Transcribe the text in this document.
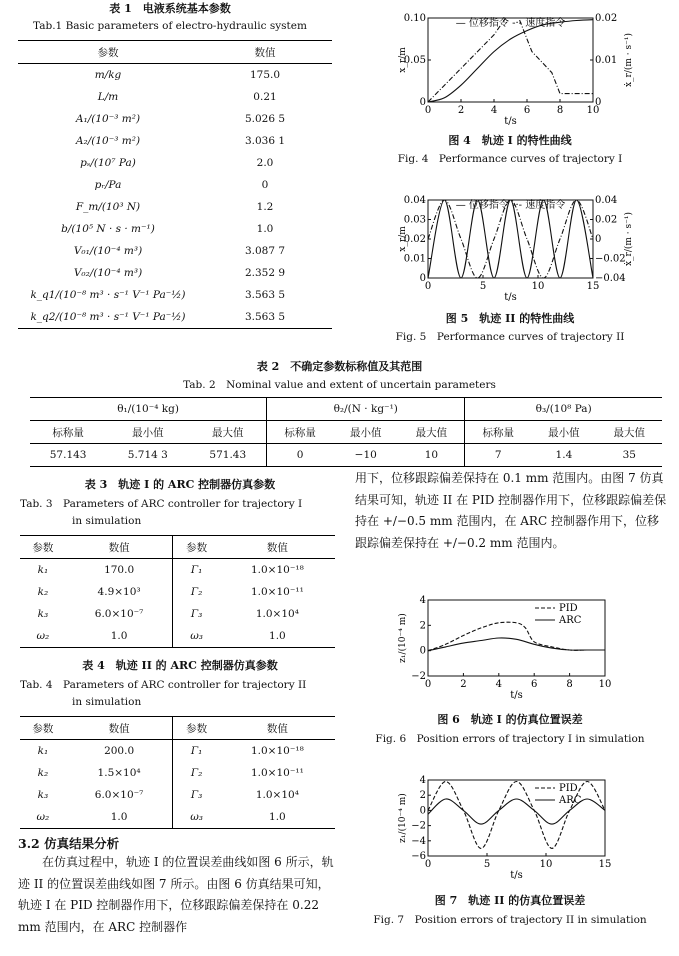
表 1　电液系统基本参数
Tab.1 Basic parameters of electro-hydraulic system
参数	数值
m/kg	175.0
L/m	0.21
A₁/(10⁻³ m²)	5.026 5
A₂/(10⁻³ m²)	3.036 1
pₛ/(10⁷ Pa)	2.0
pᵣ/Pa	0
F_m/(10³ N)	1.2
b/(10⁵ N · s · m⁻¹)	1.0
V₀₁/(10⁻⁴ m³)	3.087 7
V₀₂/(10⁻⁴ m³)	2.352 9
k_q1/(10⁻⁸ m³ · s⁻¹ V⁻¹ Pa⁻½)	3.563 5
k_q2/(10⁻⁸ m³ · s⁻¹ V⁻¹ Pa⁻½)	3.563 5
表 2　不确定参数标称值及其范围
Tab. 2　Nominal value and extent of uncertain parameters
θ₁/(10⁻⁴ kg)			θ₂/(N · kg⁻¹)			θ₃/(10⁸ Pa)		
标称量	最小值	最大值	标称量	最小值	最大值	标称量	最小值	最大值
57.143	5.714 3	571.43	0	−10	10	7	1.4	35
表 3　轨迹 I 的 ARC 控制器仿真参数
Tab. 3　Parameters of ARC controller for trajectory I
in simulation
参数	数值	参数	数值
k₁	170.0	Γ₁	1.0×10⁻¹⁸
k₂	4.9×10³	Γ₂	1.0×10⁻¹¹
k₃	6.0×10⁻⁷	Γ₃	1.0×10⁴
ω₂	1.0	ω₃	1.0
表 4　轨迹 II 的 ARC 控制器仿真参数
Tab. 4　Parameters of ARC controller for trajectory II
in simulation
参数	数值	参数	数值
k₁	200.0	Γ₁	1.0×10⁻¹⁸
k₂	1.5×10⁴	Γ₂	1.0×10⁻¹¹
k₃	6.0×10⁻⁷	Γ₃	1.0×10⁴
ω₂	1.0	ω₃	1.0
3.2 仿真结果分析
　　在仿真过程中，轨迹 I 的位置误差曲线如图 6 所示，轨迹 II 的位置误差曲线如图 7 所示。由图 6 仿真结果可知，轨迹 I 在 PID 控制器作用下，位移跟踪偏差保持在 0.22 mm 范围内，在 ARC 控制器作
用下，位移跟踪偏差保持在 0.1 mm 范围内。由图 7 仿真结果可知，轨迹 II 在 PID 控制器作用下，位移跟踪偏差保持在 +/−0.5 mm 范围内，在 ARC 控制器作用下，位移跟踪偏差保持在 +/−0.2 mm 范围内。
0	2	4	6	8 10
0
0.05
0.10
0
0.01
0.02
— 位移指令 -·- 速度指令
t/s
x_r/m	ẋ_r/(m · s⁻¹)
图 4　轨迹 I 的特性曲线
Fig. 4　Performance curves of trajectory I
0	5	10	15
0
0.01
0.02
0.03
0.04
−0.04
−0.02
0
0.02
0.04
— 位移指令 -·- 速度指令
t/s
x_r/m	ẋ_r/(m · s⁻¹)
图 5　轨迹 II 的特性曲线
Fig. 5　Performance curves of trajectory II
0	2	4	6	8	10
−2
0
2
4
PID
ARC
t/s
z₁/(10⁻⁴ m)
图 6　轨迹 I 的仿真位置误差
Fig. 6　Position errors of trajectory I in simulation
0	5	10	15
−6
−4
−2
0
2
4
PID
ARC
t/s
z₁/(10⁻⁴ m)
图 7　轨迹 II 的仿真位置误差
Fig. 7　Position errors of trajectory II in simulation
